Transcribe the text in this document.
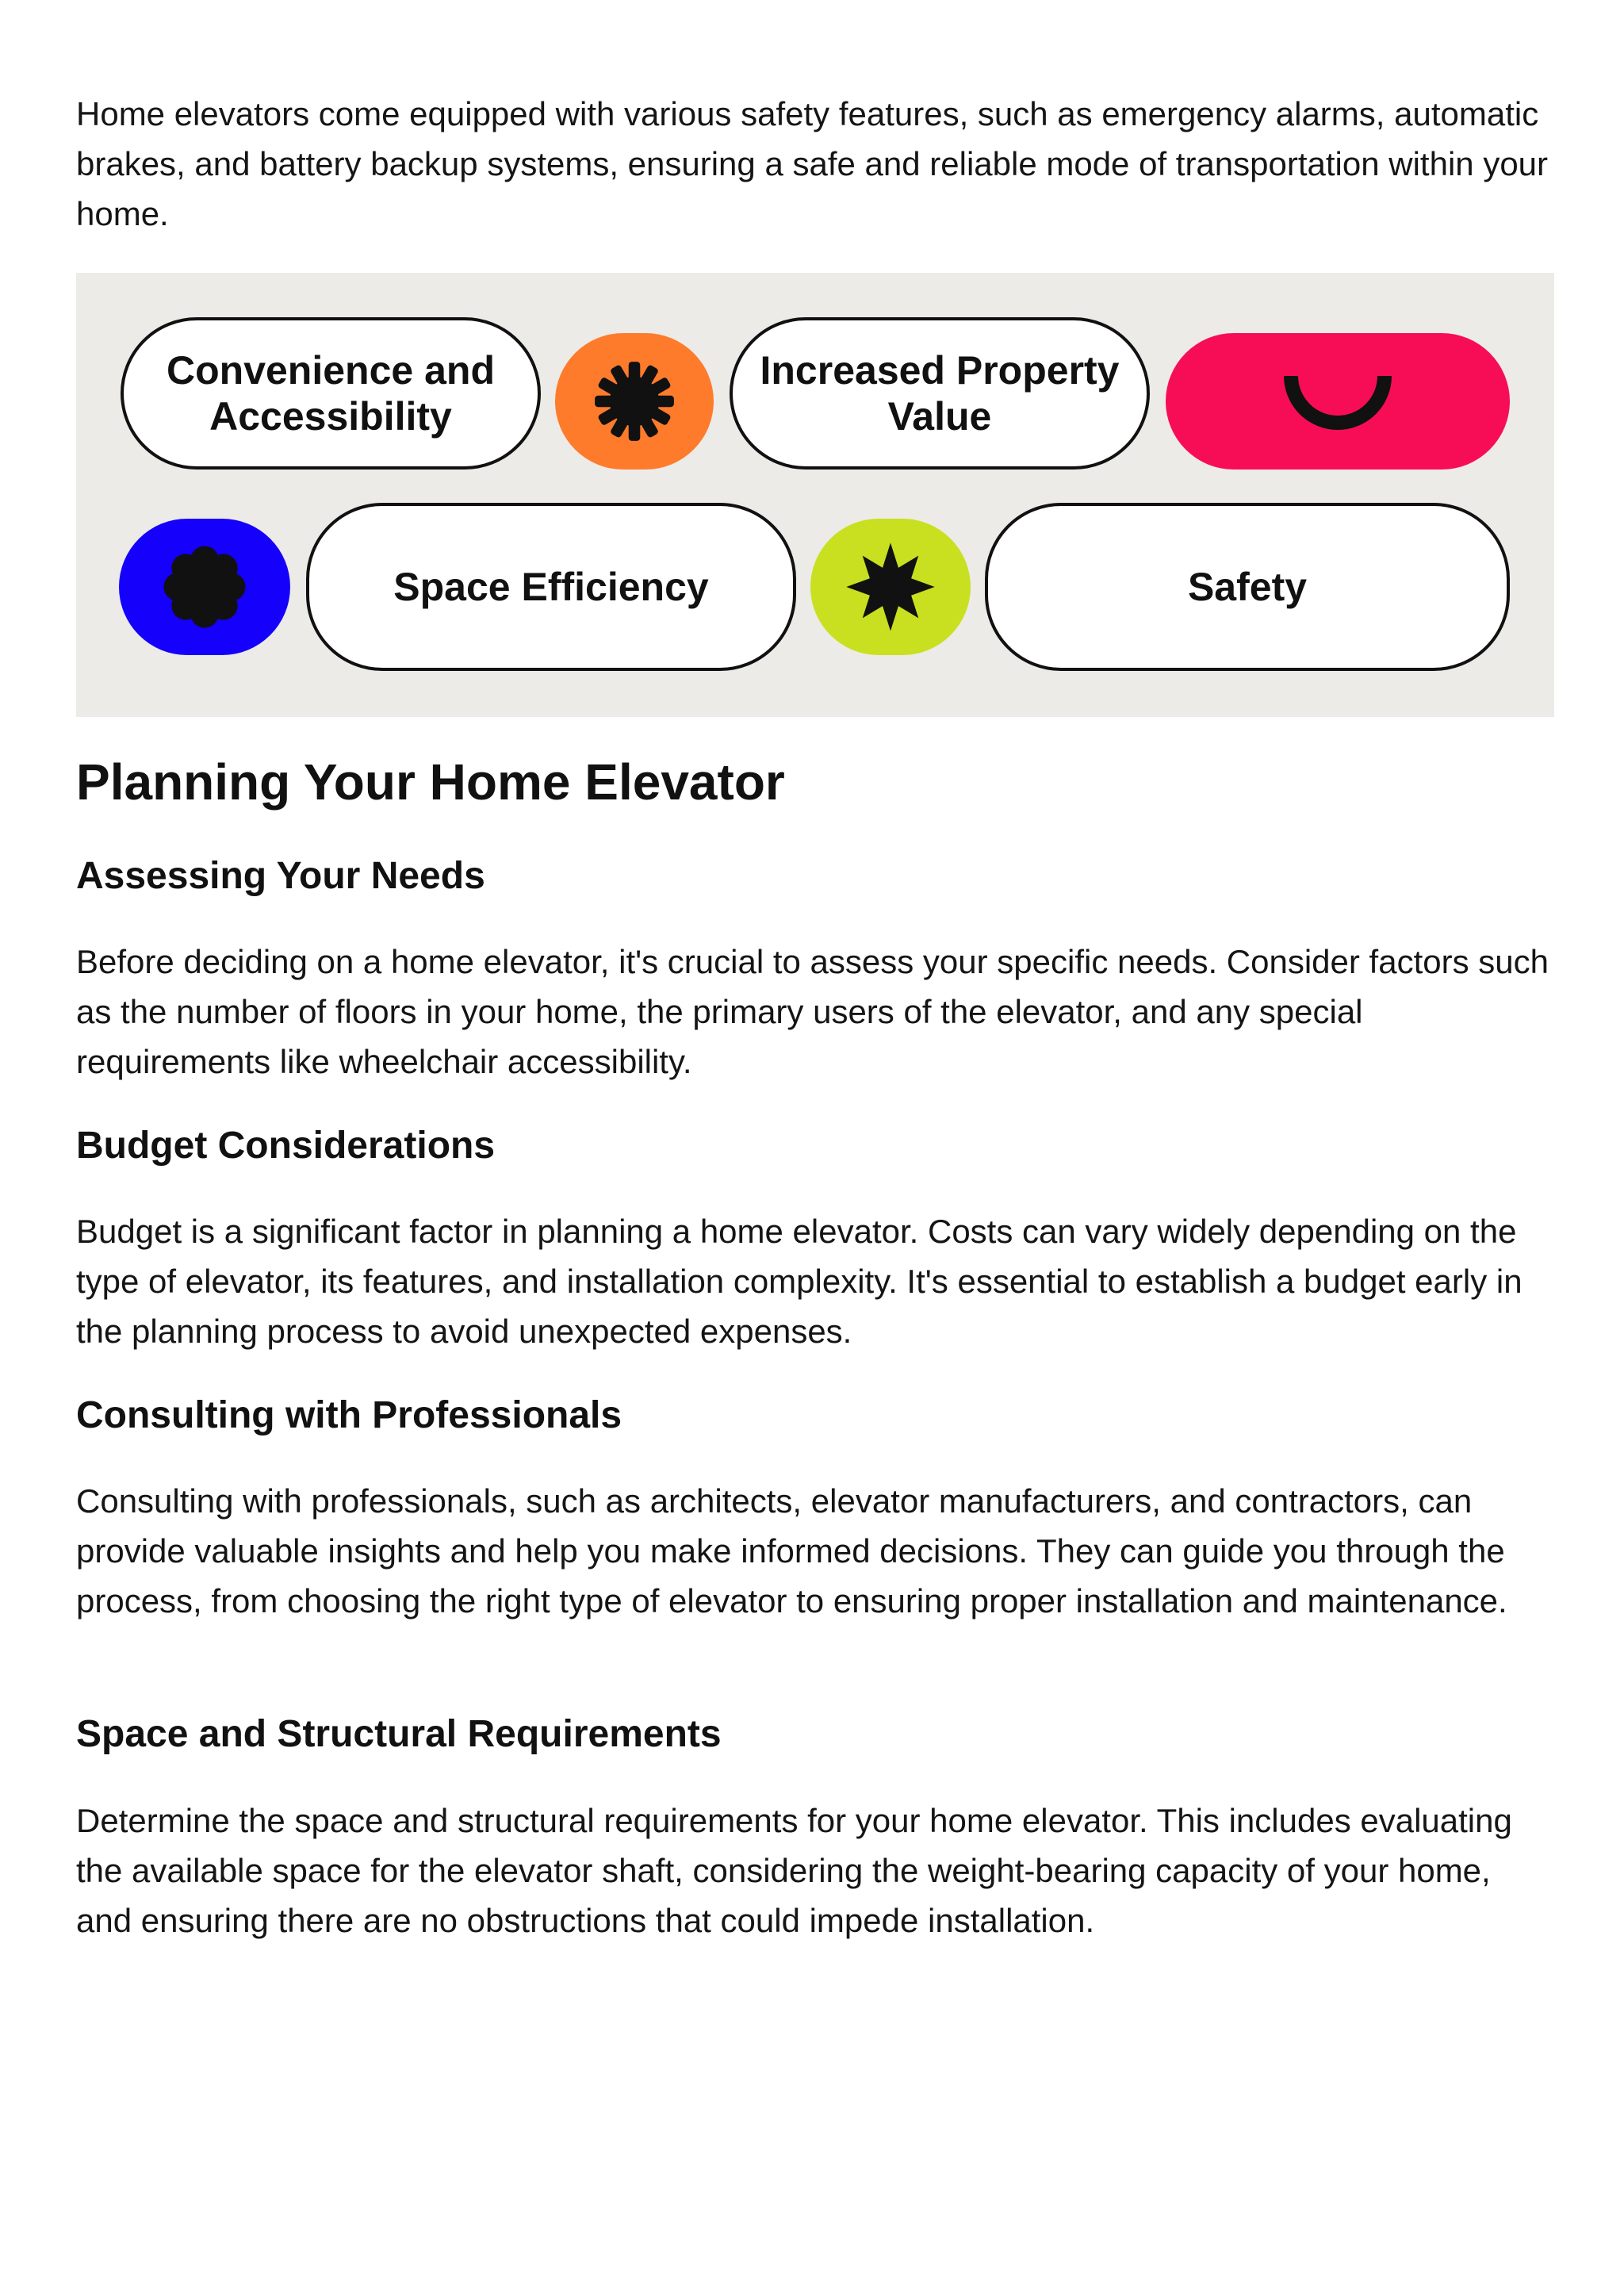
Home elevators come equipped with various safety features, such as emergency alarms, automatic brakes, and battery backup systems, ensuring a safe and reliable mode of transportation within your home.

Convenience and Accessibility
Increased Property Value
Space Efficiency	Safety
Planning Your Home Elevator
Assessing Your Needs

Before deciding on a home elevator, it's crucial to assess your specific needs. Consider factors such as the number of floors in your home, the primary users of the elevator, and any special requirements like wheelchair accessibility.

Budget Considerations

Budget is a significant factor in planning a home elevator. Costs can vary widely depending on the type of elevator, its features, and installation complexity. It's essential to establish a budget early in the planning process to avoid unexpected expenses.

Consulting with Professionals

Consulting with professionals, such as architects, elevator manufacturers, and contractors, can provide valuable insights and help you make informed decisions. They can guide you through the process, from choosing the right type of elevator to ensuring proper installation and maintenance.

Space and Structural Requirements

Determine the space and structural requirements for your home elevator. This includes evaluating the available space for the elevator shaft, considering the weight-bearing capacity of your home, and ensuring there are no obstructions that could impede installation.
